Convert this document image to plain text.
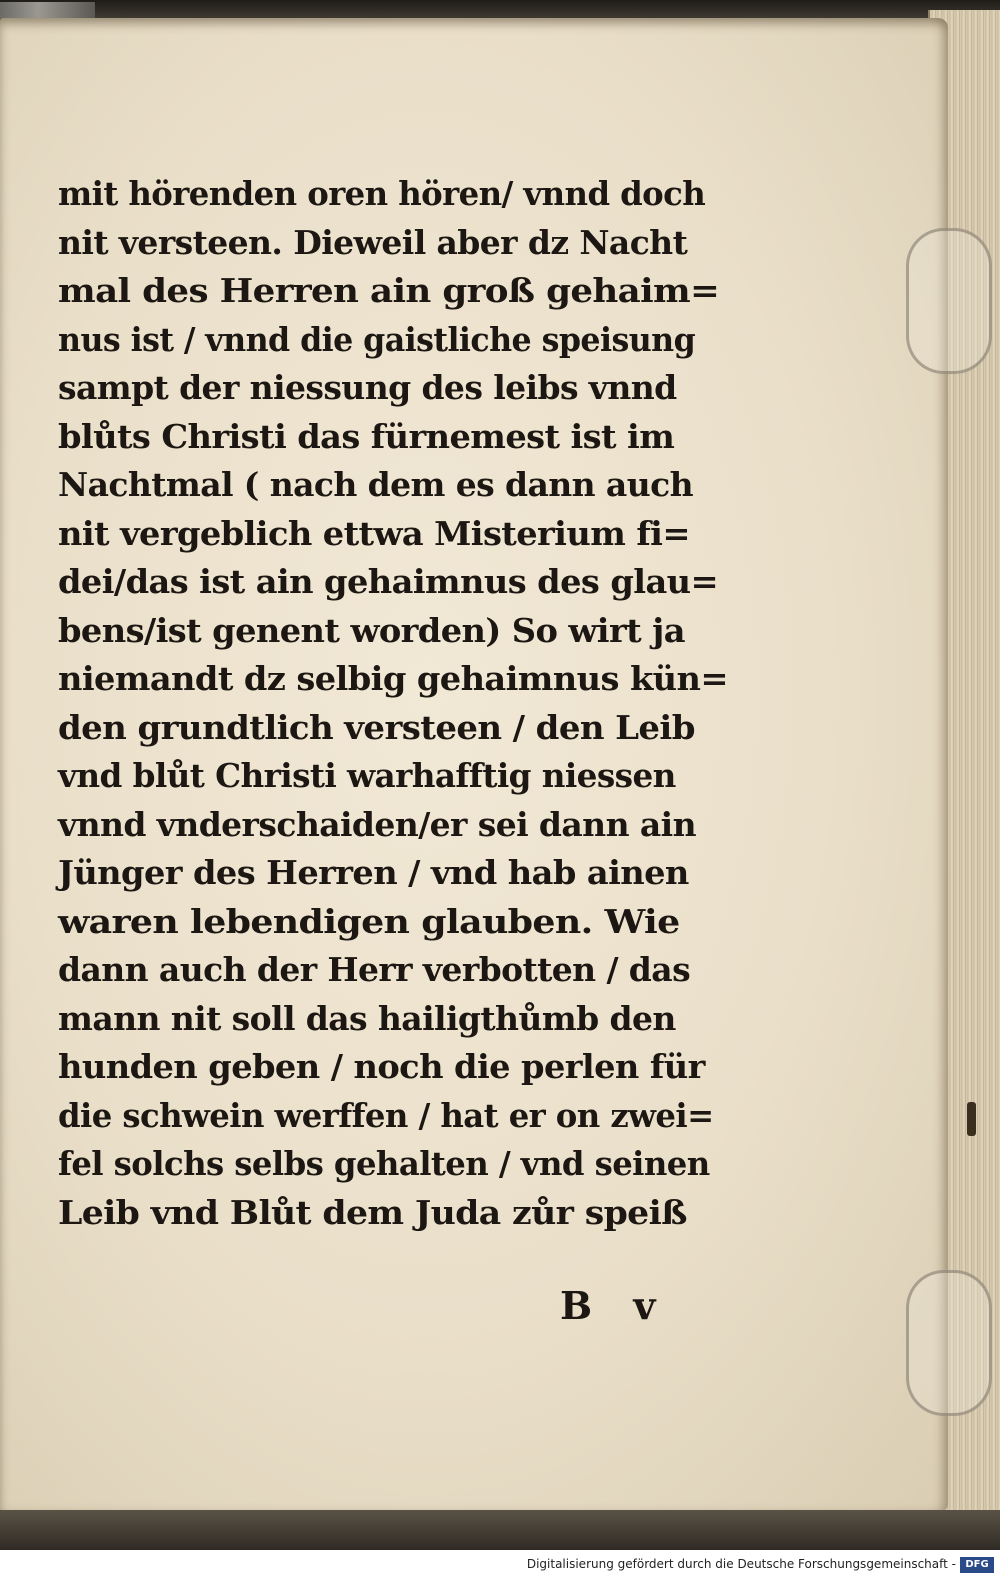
mit hörenden oren hören/ vnnd doch
nit versteen. Dieweil aber dz Nacht
mal des Herren ain groß gehaim=
nus ist / vnnd die gaistliche speisung
sampt der niessung des leibs vnnd
blůts Christi das fürnemest ist im
Nachtmal ( nach dem es dann auch
nit vergeblich ettwa Misterium fi=
dei/das ist ain gehaimnus des glau=
bens/ist genent worden) So wirt ja
niemandt dz selbig gehaimnus kün=
den grundtlich versteen / den Leib
vnd blůt Christi warhafftig niessen
vnnd vnderschaiden/er sei dann ain
Jünger des Herren / vnd hab ainen
waren lebendigen glauben. Wie
dann auch der Herr verbotten / das
mann nit soll das hailigthůmb den
hunden geben / noch die perlen für
die schwein werffen / hat er on zwei=
fel solchs selbs gehalten / vnd seinen
Leib vnd Blůt dem Juda zůr speiß
B v
Digitalisierung gefördert durch die Deutsche Forschungsgemeinschaft - DFG
